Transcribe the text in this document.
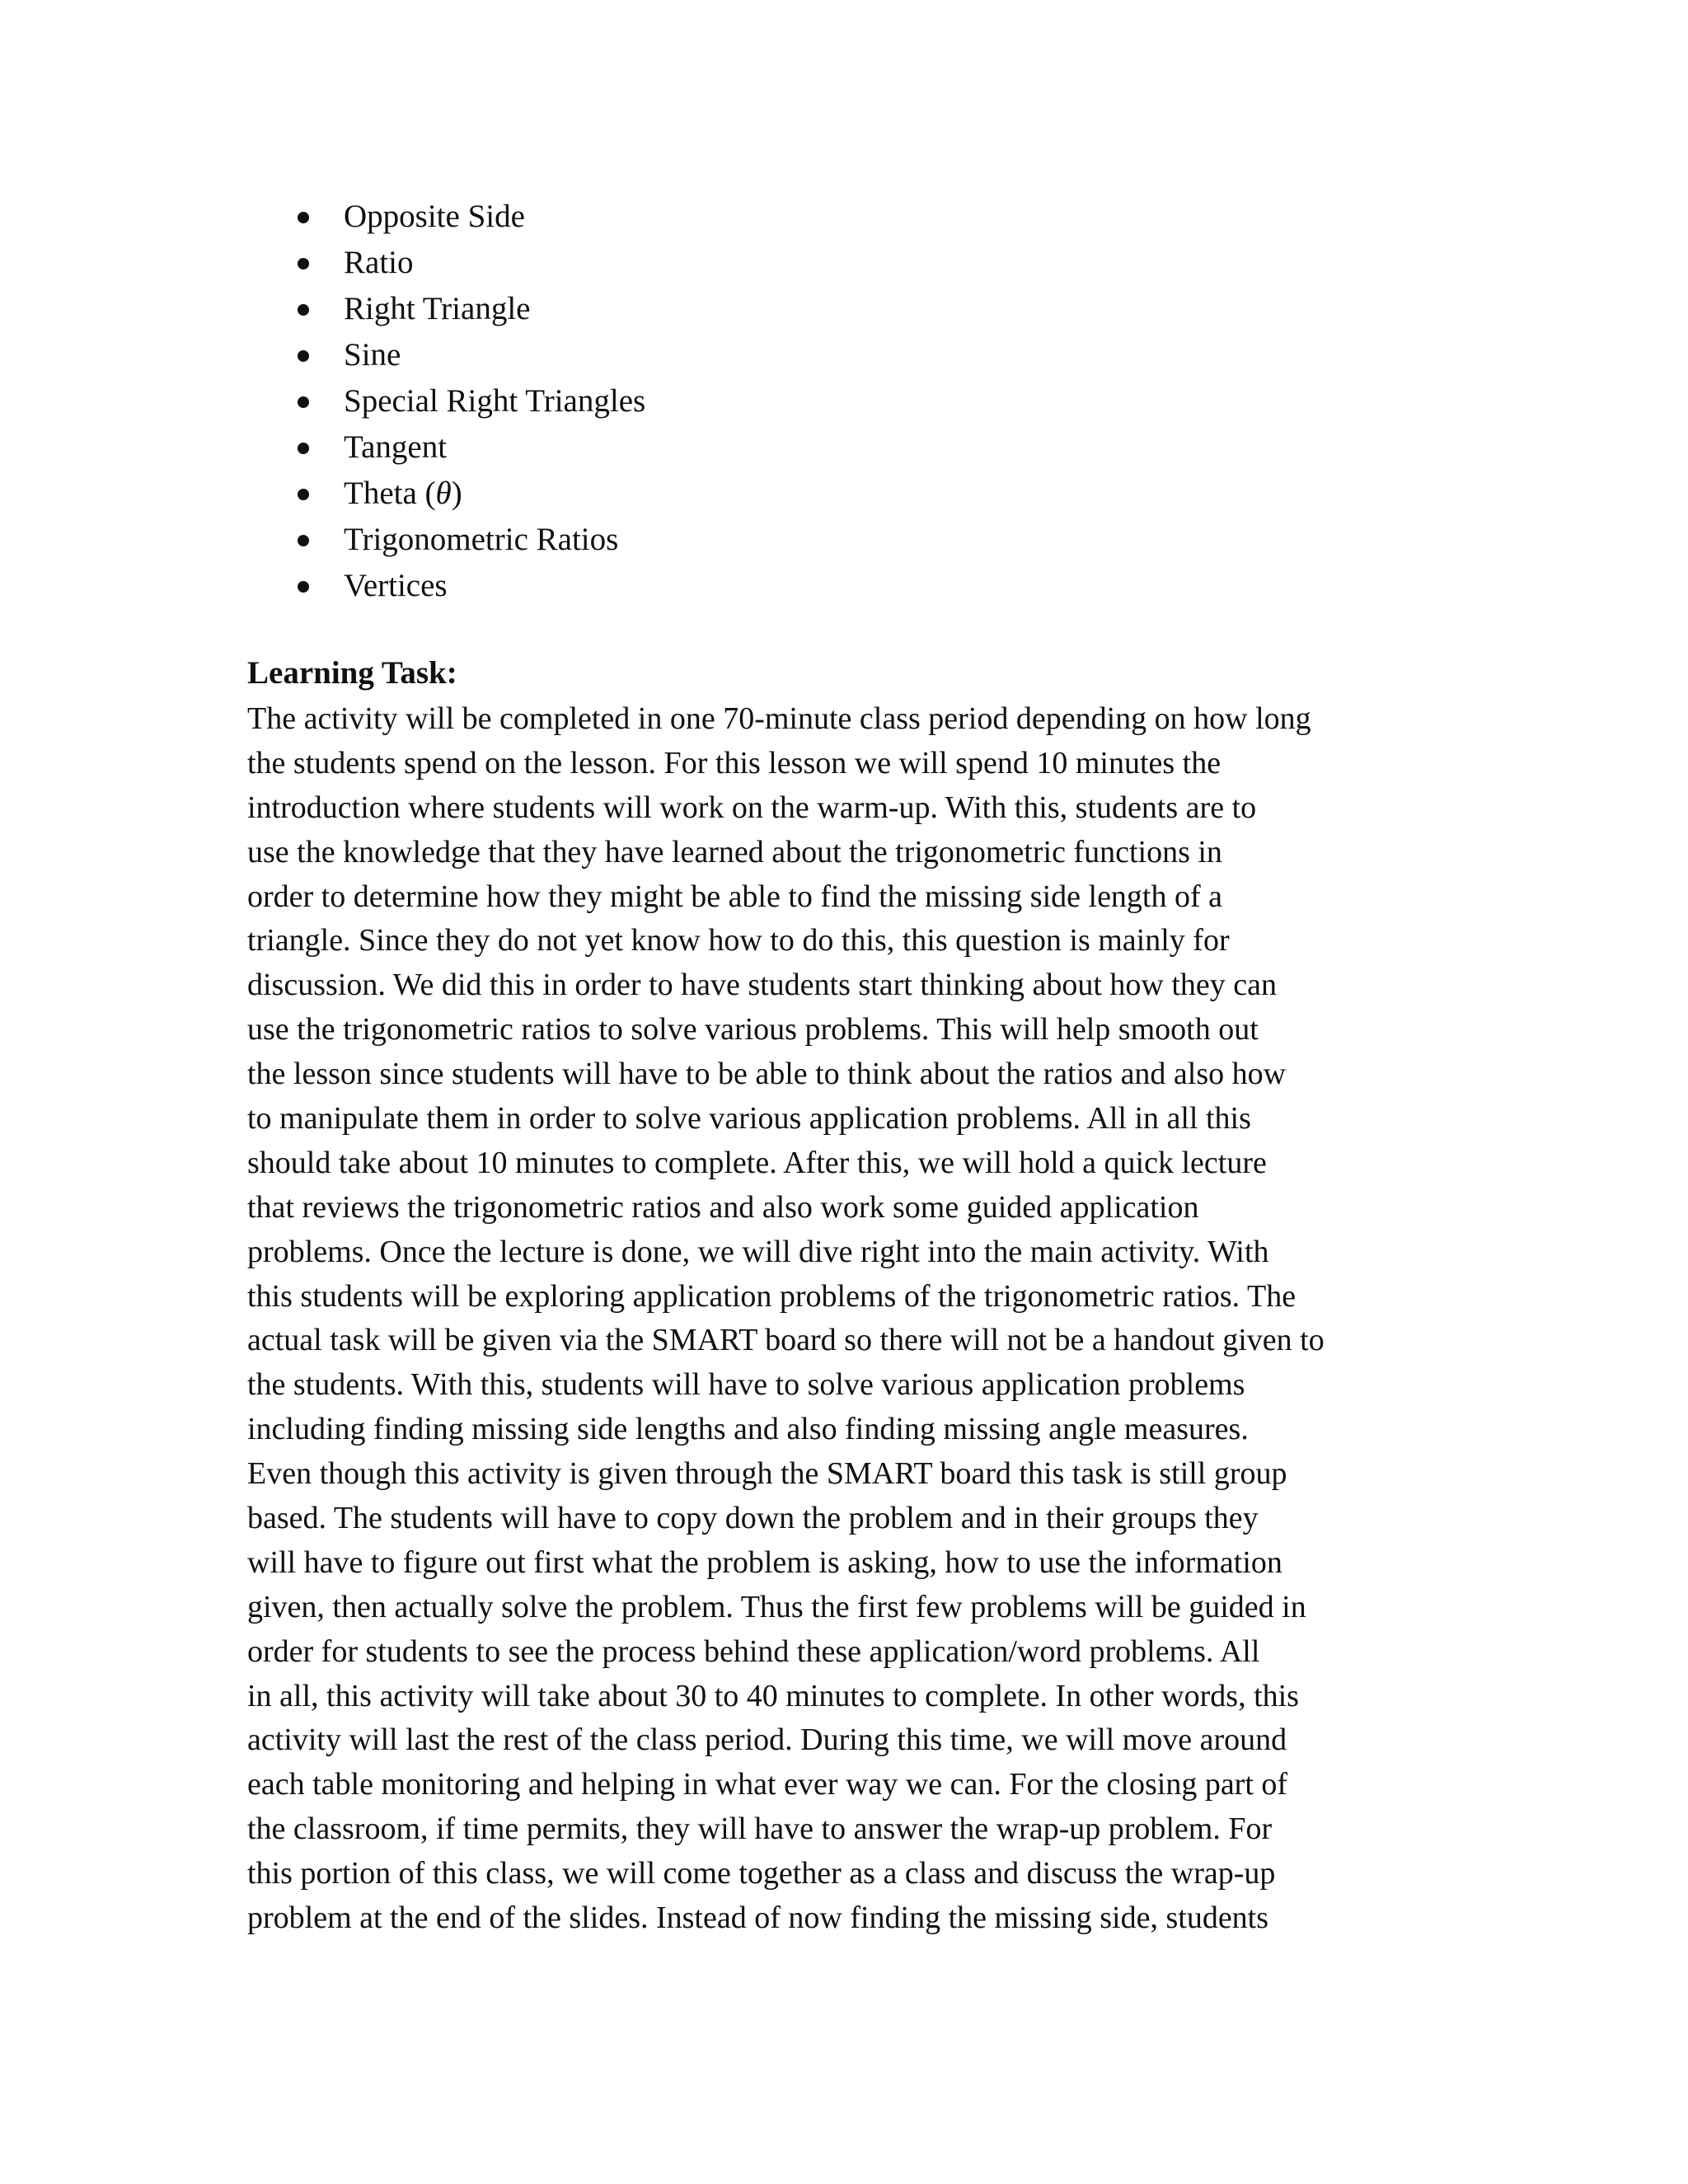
Opposite Side
Ratio
Right Triangle
Sine
Special Right Triangles
Tangent
Theta (θ)
Trigonometric Ratios
Vertices
Learning Task:
The activity will be completed in one 70-minute class period depending on how long
the students spend on the lesson. For this lesson we will spend 10 minutes the
introduction where students will work on the warm-up. With this, students are to
use the knowledge that they have learned about the trigonometric functions in
order to determine how they might be able to find the missing side length of a
triangle. Since they do not yet know how to do this, this question is mainly for
discussion. We did this in order to have students start thinking about how they can
use the trigonometric ratios to solve various problems. This will help smooth out
the lesson since students will have to be able to think about the ratios and also how
to manipulate them in order to solve various application problems. All in all this
should take about 10 minutes to complete. After this, we will hold a quick lecture
that reviews the trigonometric ratios and also work some guided application
problems. Once the lecture is done, we will dive right into the main activity. With
this students will be exploring application problems of the trigonometric ratios. The
actual task will be given via the SMART board so there will not be a handout given to
the students. With this, students will have to solve various application problems
including finding missing side lengths and also finding missing angle measures.
Even though this activity is given through the SMART board this task is still group
based. The students will have to copy down the problem and in their groups they
will have to figure out first what the problem is asking, how to use the information
given, then actually solve the problem. Thus the first few problems will be guided in
order for students to see the process behind these application/word problems. All
in all, this activity will take about 30 to 40 minutes to complete. In other words, this
activity will last the rest of the class period. During this time, we will move around
each table monitoring and helping in what ever way we can. For the closing part of
the classroom, if time permits, they will have to answer the wrap-up problem. For
this portion of this class, we will come together as a class and discuss the wrap-up
problem at the end of the slides. Instead of now finding the missing side, students
